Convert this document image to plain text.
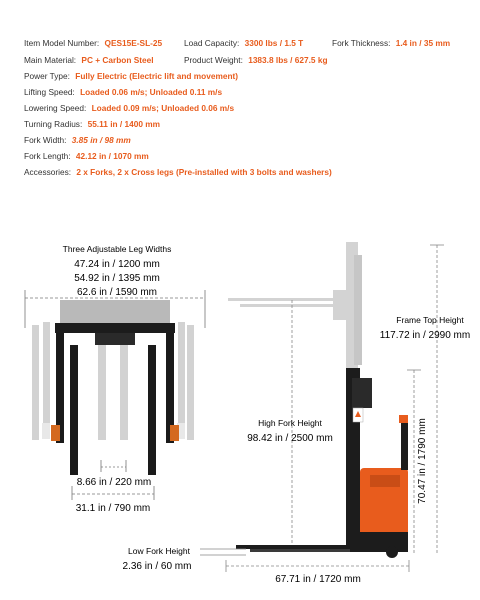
Item Model Number: QES15E-SL-25	Load Capacity: 3300 lbs / 1.5 T	Fork Thickness: 1.4 in / 35 mm
Main Material: PC + Carbon Steel	Product Weight: 1383.8 lbs / 627.5 kg
Power Type: Fully Electric (Electric lift and movement)
Lifting Speed: Loaded 0.06 m/s; Unloaded 0.11 m/s
Lowering Speed: Loaded 0.09 m/s; Unloaded 0.06 m/s
Turning Radius: 55.11 in / 1400 mm
Fork Width: 3.85 in / 98 mm
Fork Length: 42.12 in / 1070 mm
Accessories: 2 x Forks, 2 x Cross legs (Pre-installed with 3 bolts and washers)
Three Adjustable Leg Widths
47.24 in / 1200 mm
54.92 in / 1395 mm
62.6 in / 1590 mm
8.66 in / 220 mm
31.1 in / 790 mm
High Fork Height
98.42 in / 2500 mm
Frame Top Height
117.72 in / 2990 mm
70.47 in / 1790 mm
Low Fork Height
2.36 in / 60 mm
67.71 in / 1720 mm
